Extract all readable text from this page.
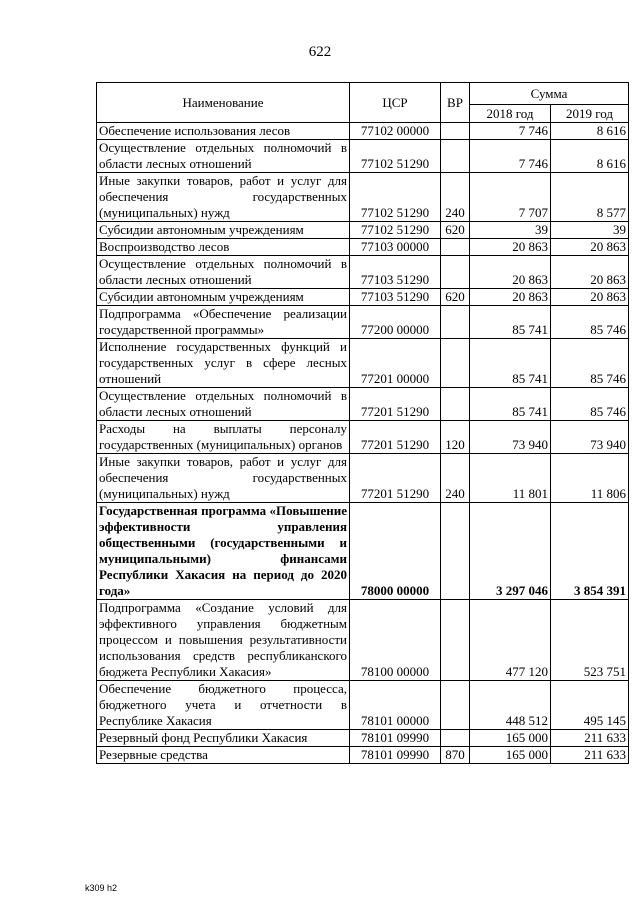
622
Наименование	ЦСР	ВР	Сумма	
			2018 год	2019 год
Обеспечение использования лесов	77102 00000		7 746	8 616
Осуществление отдельных полномочий в области лесных отношений	77102 51290		7 746	8 616
Иные закупки товаров, работ и услуг для обеспечения государственных (муниципальных) нужд	77102 51290	240	7 707	8 577
Субсидии автономным учреждениям	77102 51290	620	39	39
Воспроизводство лесов	77103 00000		20 863	20 863
Осуществление отдельных полномочий в области лесных отношений	77103 51290		20 863	20 863
Субсидии автономным учреждениям	77103 51290	620	20 863	20 863
Подпрограмма «Обеспечение реализации государственной программы»	77200 00000		85 741	85 746
Исполнение государственных функций и государственных услуг в сфере лесных отношений	77201 00000		85 741	85 746
Осуществление отдельных полномочий в области лесных отношений	77201 51290		85 741	85 746
Расходы на выплаты персоналу государственных (муниципальных) органов	77201 51290	120	73 940	73 940
Иные закупки товаров, работ и услуг для обеспечения государственных (муниципальных) нужд	77201 51290	240	11 801	11 806
Государственная программа «Повышение эффективности управления общественными (государственными и муниципальными) финансами Республики Хакасия на период до 2020 года»	78000 00000		3 297 046	3 854 391
Подпрограмма «Создание условий для эффективного управления бюджетным процессом и повышения результативности использования средств республиканского бюджета Республики Хакасия»	78100 00000		477 120	523 751
Обеспечение бюджетного процесса, бюджетного учета и отчетности в Республике Хакасия	78101 00000		448 512	495 145
Резервный фонд Республики Хакасия	78101 09990		165 000	211 633
Резервные средства	78101 09990	870	165 000	211 633
k309 h2
